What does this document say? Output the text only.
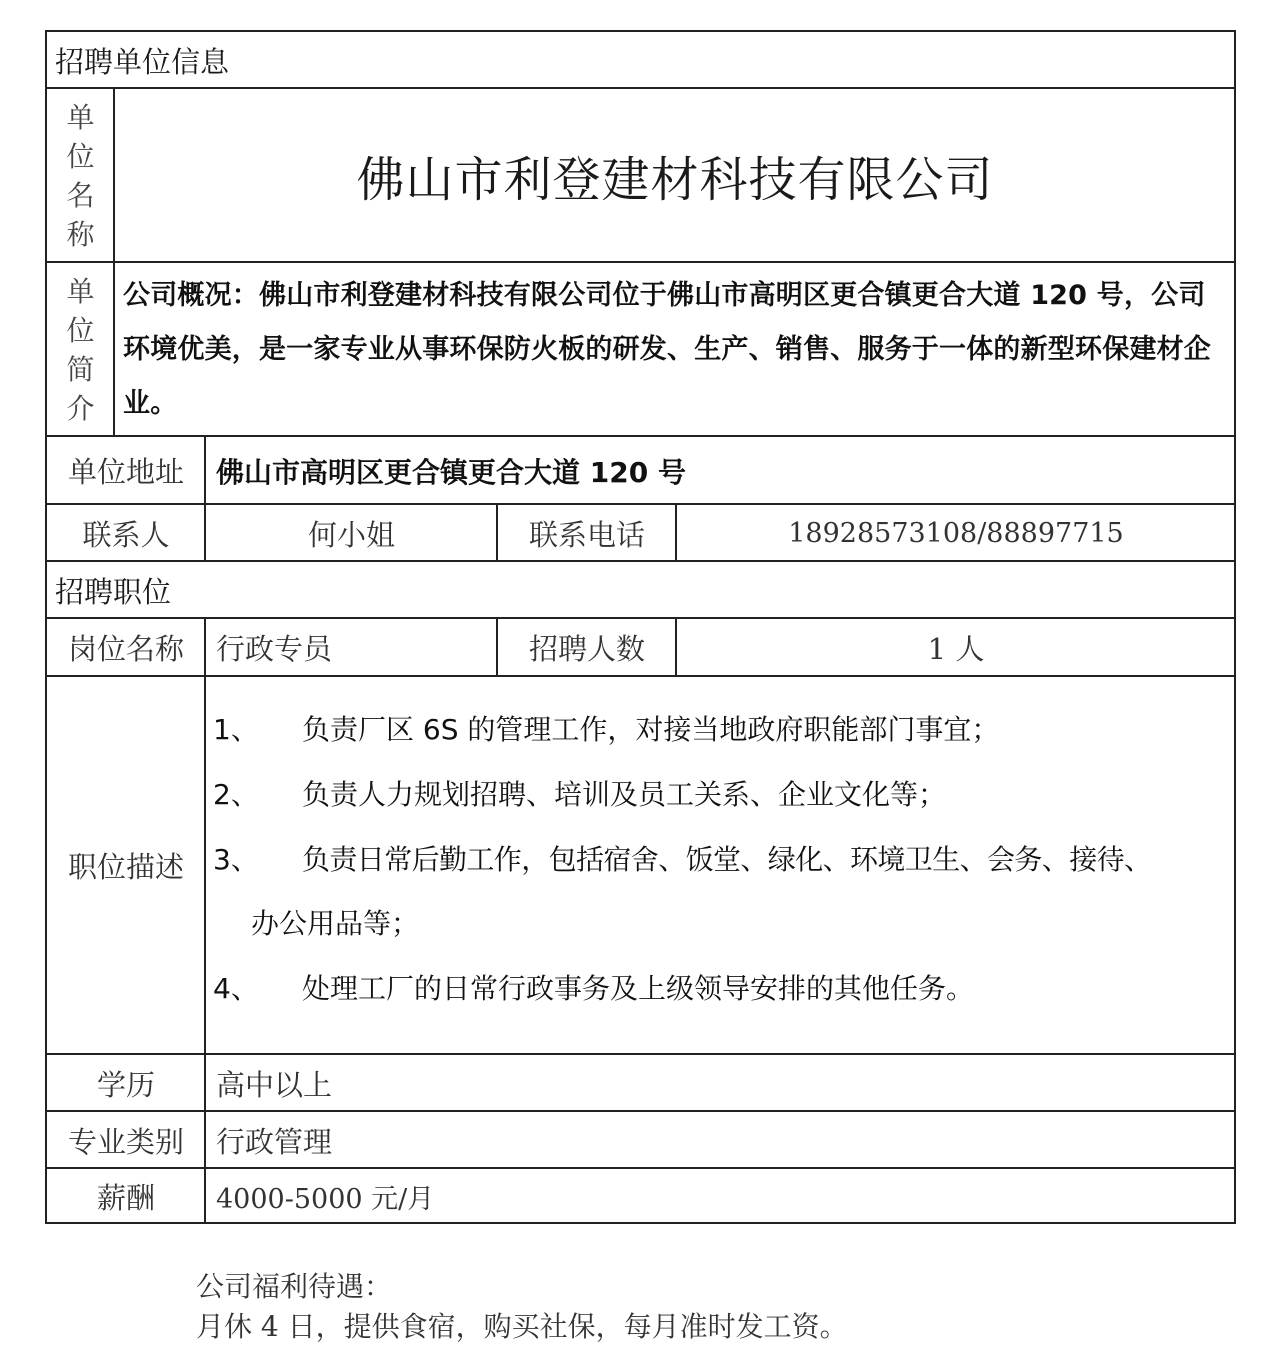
招聘单位信息
单
位
名
称
佛山市利登建材科技有限公司
单
位
简
介
公司概况：佛山市利登建材科技有限公司位于佛山市高明区更合镇更合大道 120 号，公司环境优美，是一家专业从事环保防火板的研发、生产、销售、服务于一体的新型环保建材企业。
单位地址 佛山市高明区更合镇更合大道 120 号
联系人	何小姐	联系电话	18928573108/88897715
招聘职位
岗位名称 行政专员	招聘人数	1 人
职位描述
1、 负责厂区 6S 的管理工作，对接当地政府职能部门事宜；
2、 负责人力规划招聘、培训及员工关系、企业文化等；
3、 负责日常后勤工作，包括宿舍、饭堂、绿化、环境卫生、会务、接待、
办公用品等；
4、 处理工厂的日常行政事务及上级领导安排的其他任务。
学历 高中以上
专业类别 行政管理
薪酬 4000-5000 元/月
公司福利待遇：
月休 4 日，提供食宿，购买社保，每月准时发工资。
